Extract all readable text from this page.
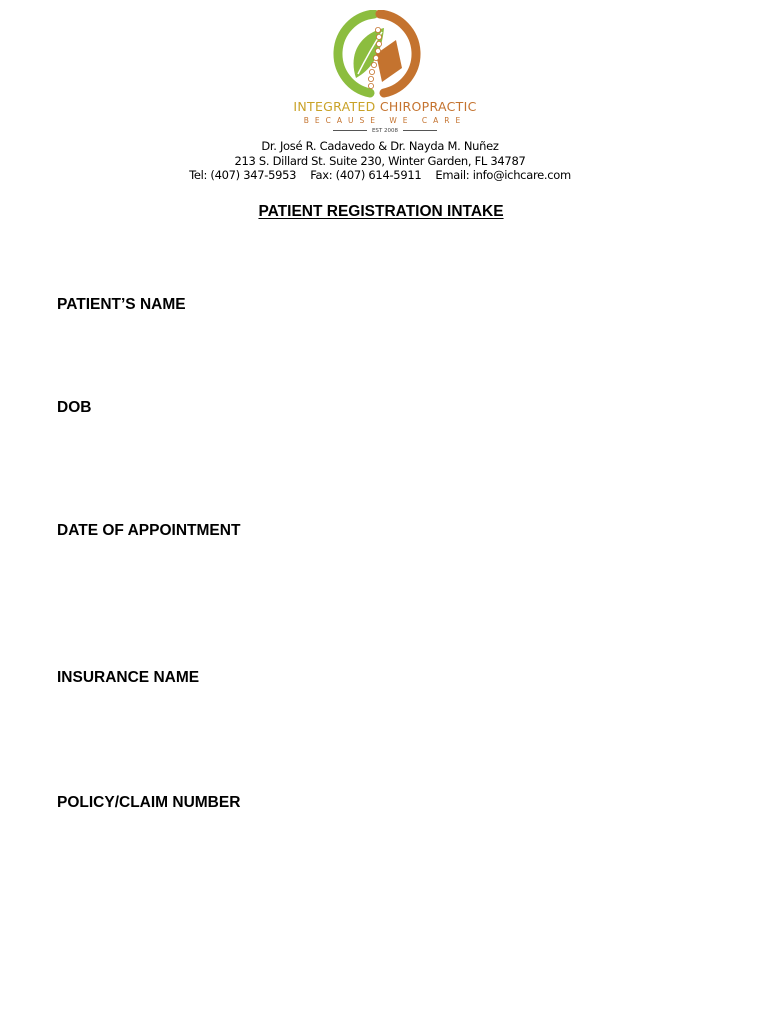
INTEGRATED CHIROPRACTIC
BECAUSE WE CARE
EST 2008
Dr. José R. Cadavedo & Dr. Nayda M. Nuñez
213 S. Dillard St. Suite 230, Winter Garden, FL 34787
Tel: (407) 347-5953 Fax: (407) 614-5911 Email: info@ichcare.com
PATIENT REGISTRATION INTAKE
PATIENT’S NAME
DOB
DATE OF APPOINTMENT
INSURANCE NAME
POLICY/CLAIM NUMBER
